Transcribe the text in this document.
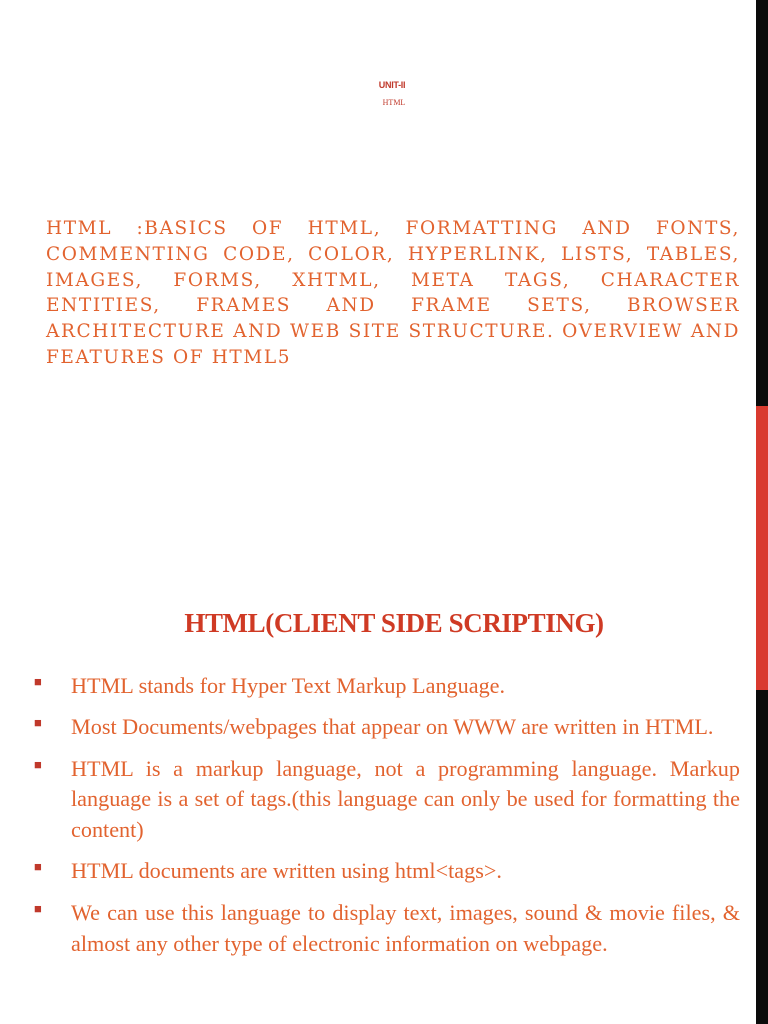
UNIT-II
HTML

HTML :BASICS OF HTML, FORMATTING AND FONTS, COMMENTING CODE, COLOR, HYPERLINK, LISTS, TABLES, IMAGES, FORMS, XHTML, META TAGS, CHARACTER ENTITIES, FRAMES AND FRAME SETS, BROWSER ARCHITECTURE AND WEB SITE STRUCTURE. OVERVIEW AND FEATURES OF HTML5

HTML(CLIENT SIDE SCRIPTING)
■ HTML stands for Hyper Text Markup Language.
■ Most Documents/webpages that appear on WWW are written in HTML.
■ HTML is a markup language, not a programming language. Markup language is a set of tags.(this language can only be used for formatting the content)
■ HTML documents are written using html<tags>.
■ We can use this language to display text, images, sound & movie files, & almost any other type of electronic information on webpage.
